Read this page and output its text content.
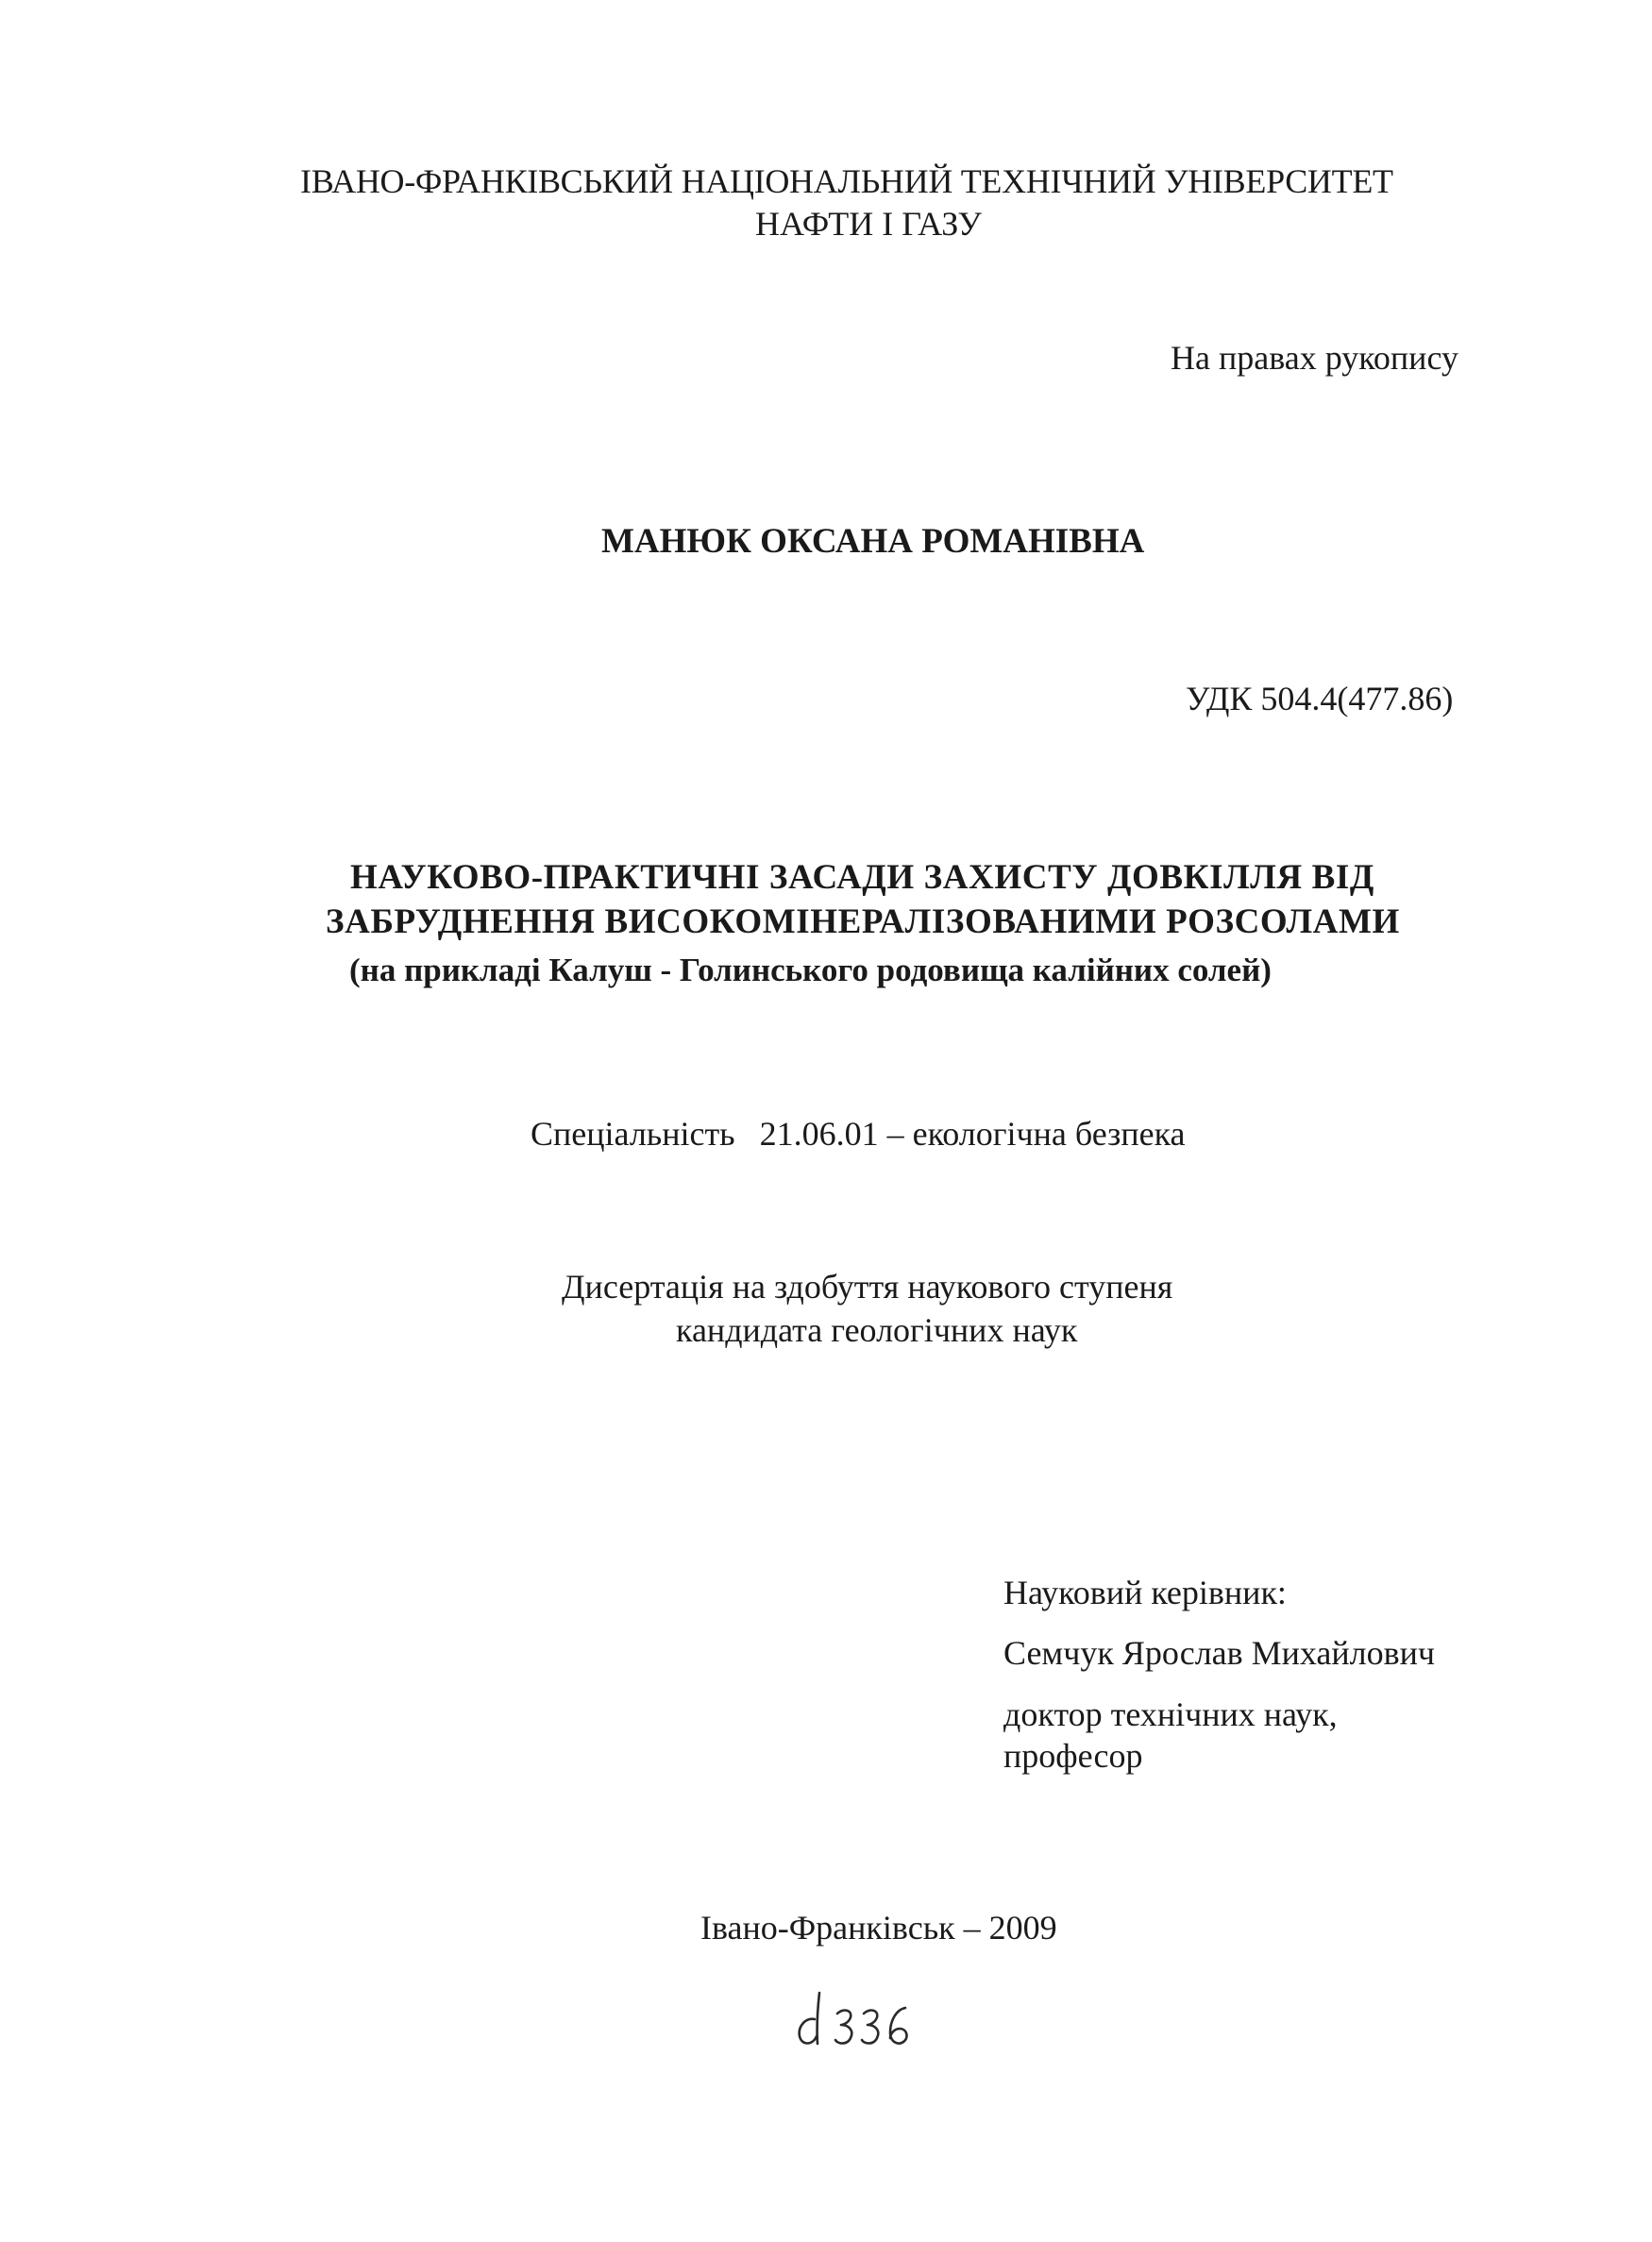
ІВАНО-ФРАНКІВСЬКИЙ НАЦІОНАЛЬНИЙ ТЕХНІЧНИЙ УНІВЕРСИТЕТ
НАФТИ І ГАЗУ
На правах рукопису
МАНЮК ОКСАНА РОМАНІВНА
УДК 504.4(477.86)
НАУКОВО-ПРАКТИЧНІ ЗАСАДИ ЗАХИСТУ ДОВКІЛЛЯ ВІД
ЗАБРУДНЕННЯ ВИСОКОМІНЕРАЛІЗОВАНИМИ РОЗСОЛАМИ
(на прикладі Калуш - Голинського родовища калійних солей)
Спеціальність 21.06.01 – екологічна безпека
Дисертація на здобуття наукового ступеня
кандидата геологічних наук
Науковий керівник:
Семчук Ярослав Михайлович
доктор технічних наук,
професор
Івано-Франківськ – 2009
